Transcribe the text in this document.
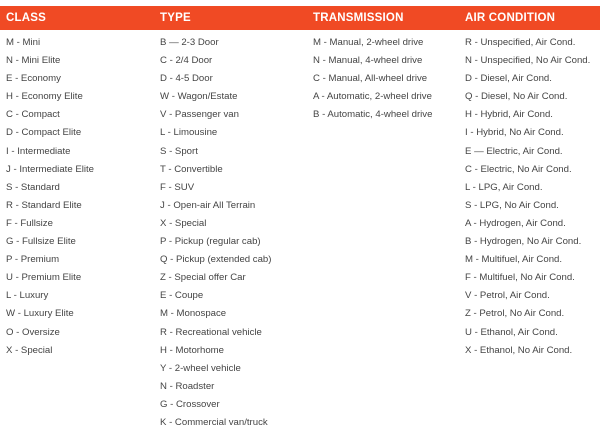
CLASS
M - Mini
N - Mini Elite
E - Economy
H - Economy Elite
C - Compact
D - Compact Elite
I - Intermediate
J - Intermediate Elite
S - Standard
R - Standard Elite
F - Fullsize
G - Fullsize Elite
P - Premium
U - Premium Elite
L - Luxury
W - Luxury Elite
O - Oversize
X - Special
TYPE
B — 2-3 Door
C - 2/4 Door
D - 4-5 Door
W - Wagon/Estate
V - Passenger van
L - Limousine
S - Sport
T - Convertible
F - SUV
J - Open-air All Terrain
X - Special
P - Pickup (regular cab)
Q - Pickup (extended cab)
Z - Special offer Car
E - Coupe
M - Monospace
R - Recreational vehicle
H - Motorhome
Y - 2-wheel vehicle
N - Roadster
G - Crossover
K - Commercial van/truck
TRANSMISSION
M - Manual, 2-wheel drive
N - Manual, 4-wheel drive
C - Manual, All-wheel drive
A - Automatic, 2-wheel drive
B - Automatic, 4-wheel drive
AIR CONDITION
R - Unspecified, Air Cond.
N - Unspecified, No Air Cond.
D - Diesel, Air Cond.
Q - Diesel, No Air Cond.
H - Hybrid, Air Cond.
I - Hybrid, No Air Cond.
E — Electric, Air Cond.
C - Electric, No Air Cond.
L - LPG, Air Cond.
S - LPG, No Air Cond.
A - Hydrogen, Air Cond.
B - Hydrogen, No Air Cond.
M - Multifuel, Air Cond.
F - Multifuel, No Air Cond.
V - Petrol, Air Cond.
Z - Petrol, No Air Cond.
U - Ethanol, Air Cond.
X - Ethanol, No Air Cond.
